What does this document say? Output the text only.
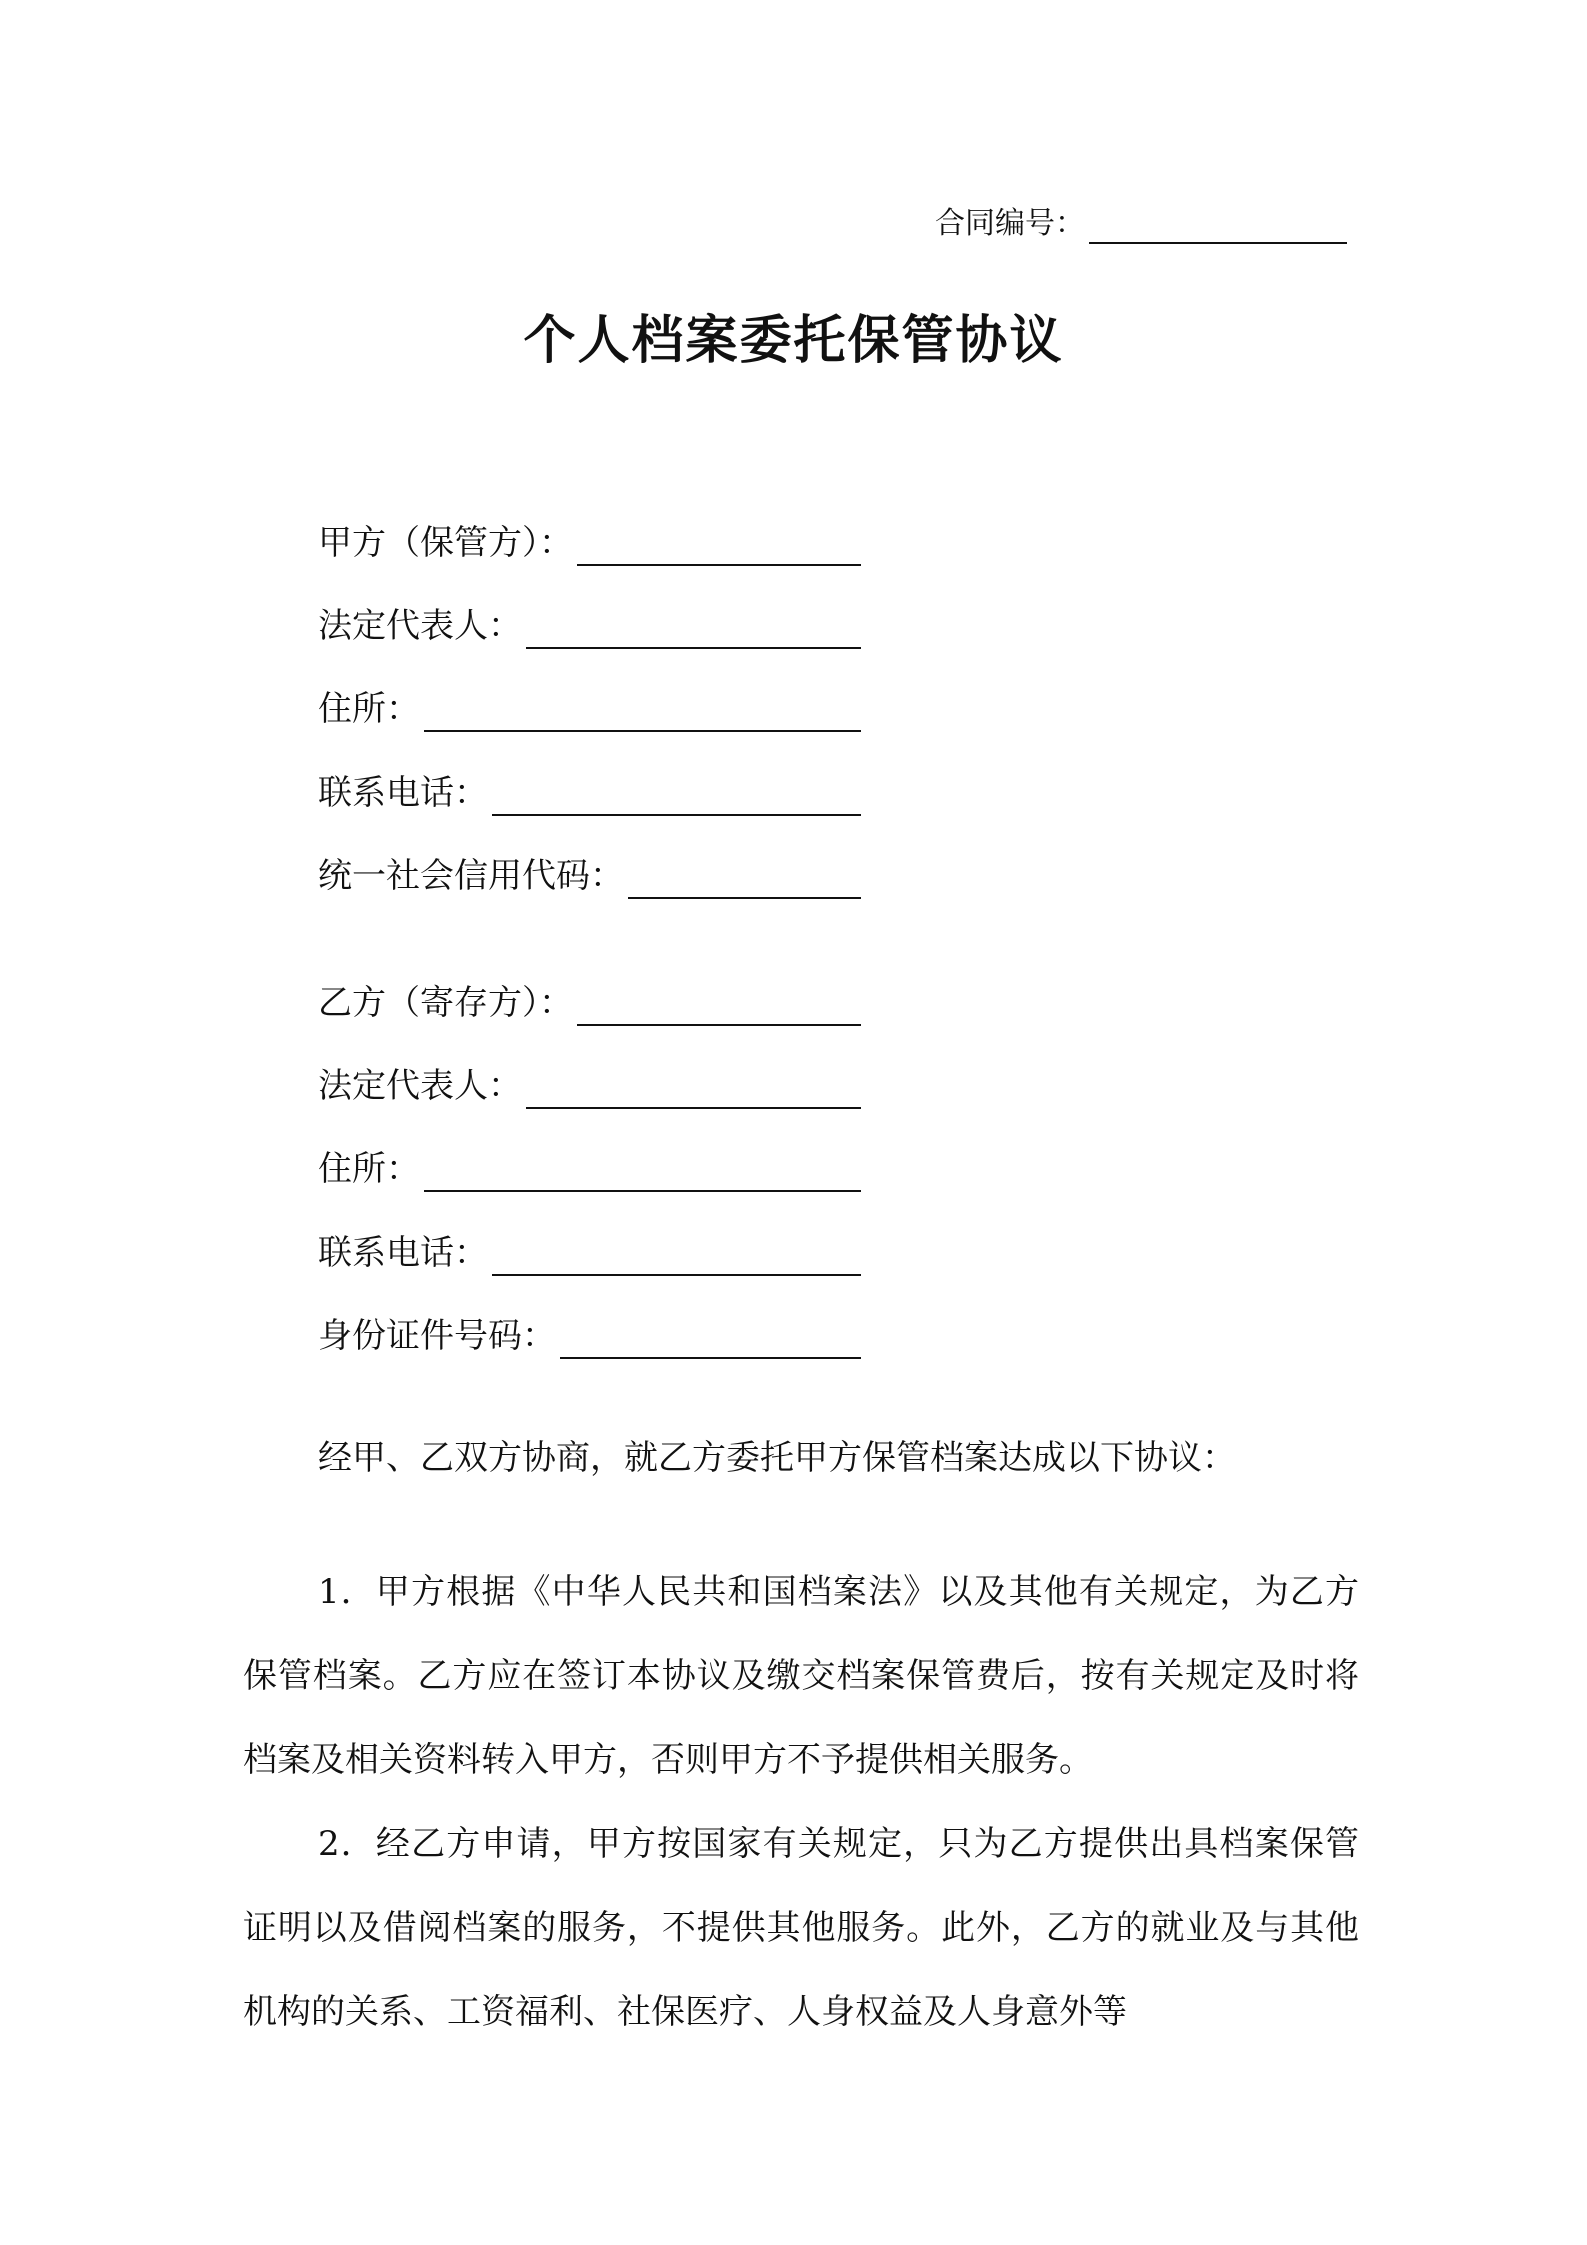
合同编号：
个人档案委托保管协议
甲方（保管方）：
法定代表人：
住所：
联系电话：
统一社会信用代码：
乙方（寄存方）：
法定代表人：
住所：
联系电话：
身份证件号码：
经甲、乙双方协商，就乙方委托甲方保管档案达成以下协议：
1．甲方根据《中华人民共和国档案法》以及其他有关规定，为乙方保管档案。乙方应在签订本协议及缴交档案保管费后，按有关规定及时将档案及相关资料转入甲方，否则甲方不予提供相关服务。
2．经乙方申请，甲方按国家有关规定，只为乙方提供出具档案保管证明以及借阅档案的服务，不提供其他服务。此外，乙方的就业及与其他机构的关系、工资福利、社保医疗、人身权益及人身意外等
